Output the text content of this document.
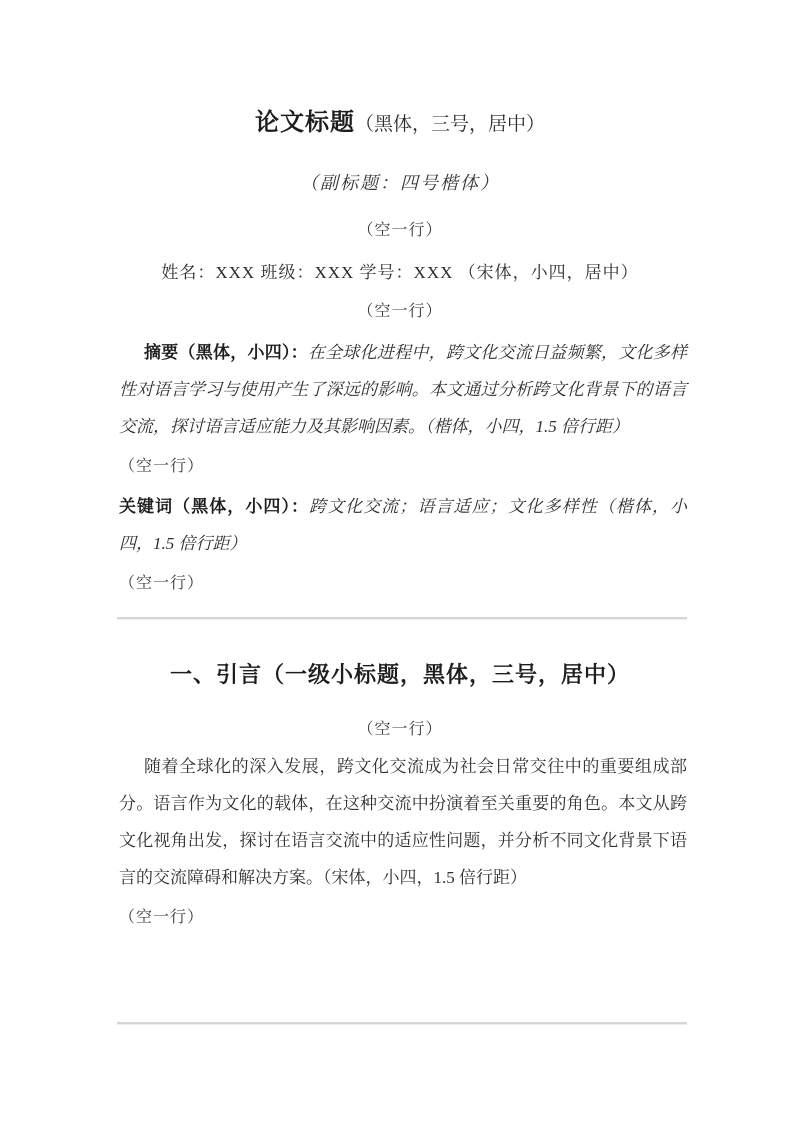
论文标题（黑体，三号，居中）
（副标题：四号楷体）
（空一行）
姓名：XXX 班级：XXX 学号：XXX （宋体，小四，居中）
（空一行）
摘要（黑体，小四）：在全球化进程中，跨文化交流日益频繁，文化多样性对语言学习与使用产生了深远的影响。本文通过分析跨文化背景下的语言交流，探讨语言适应能力及其影响因素。（楷体，小四，1.5 倍行距）
（空一行）
关键词（黑体，小四）：跨文化交流；语言适应；文化多样性（楷体，小四，1.5 倍行距）
（空一行）
一、引言（一级小标题，黑体，三号，居中）
（空一行）
随着全球化的深入发展，跨文化交流成为社会日常交往中的重要组成部分。语言作为文化的载体，在这种交流中扮演着至关重要的角色。本文从跨文化视角出发，探讨在语言交流中的适应性问题，并分析不同文化背景下语言的交流障碍和解决方案。（宋体，小四，1.5 倍行距）
（空一行）
